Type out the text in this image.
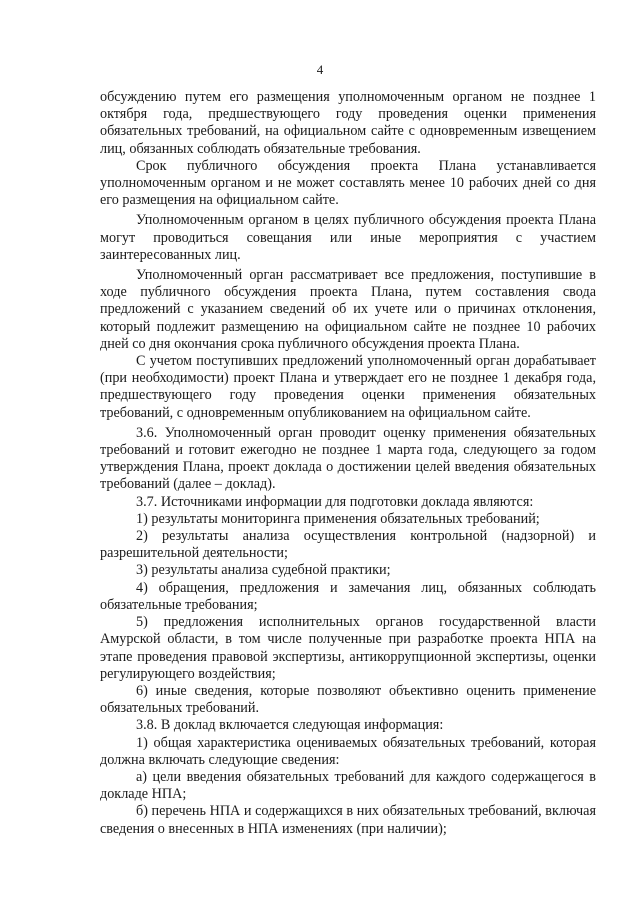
4

обсуждению путем его размещения уполномоченным органом не позднее 1 октября года, предшествующего году проведения оценки применения обязательных требований, на официальном сайте с одновременным извещением лиц, обязанных соблюдать обязательные требования.

Срок публичного обсуждения проекта Плана устанавливается уполномоченным органом и не может составлять менее 10 рабочих дней со дня его размещения на официальном сайте.

Уполномоченным органом в целях публичного обсуждения проекта Плана могут проводиться совещания или иные мероприятия с участием заинтересованных лиц.

Уполномоченный орган рассматривает все предложения, поступившие в ходе публичного обсуждения проекта Плана, путем составления свода предложений с указанием сведений об их учете или о причинах отклонения, который подлежит размещению на официальном сайте не позднее 10 рабочих дней со дня окончания срока публичного обсуждения проекта Плана.

С учетом поступивших предложений уполномоченный орган дорабатывает (при необходимости) проект Плана и утверждает его не позднее 1 декабря года, предшествующего году проведения оценки применения обязательных требований, с одновременным опубликованием на официальном сайте.

3.6. Уполномоченный орган проводит оценку применения обязательных требований и готовит ежегодно не позднее 1 марта года, следующего за годом утверждения Плана, проект доклада о достижении целей введения обязательных требований (далее – доклад).

3.7. Источниками информации для подготовки доклада являются:

1) результаты мониторинга применения обязательных требований;

2) результаты анализа осуществления контрольной (надзорной) и разрешительной деятельности;

3) результаты анализа судебной практики;

4) обращения, предложения и замечания лиц, обязанных соблюдать обязательные требования;

5) предложения исполнительных органов государственной власти Амурской области, в том числе полученные при разработке проекта НПА на этапе проведения правовой экспертизы, антикоррупционной экспертизы, оценки регулирующего воздействия;

6) иные сведения, которые позволяют объективно оценить применение обязательных требований.

3.8. В доклад включается следующая информация:

1) общая характеристика оцениваемых обязательных требований, которая должна включать следующие сведения:

а) цели введения обязательных требований для каждого содержащегося в докладе НПА;

б) перечень НПА и содержащихся в них обязательных требований, включая сведения о внесенных в НПА изменениях (при наличии);
